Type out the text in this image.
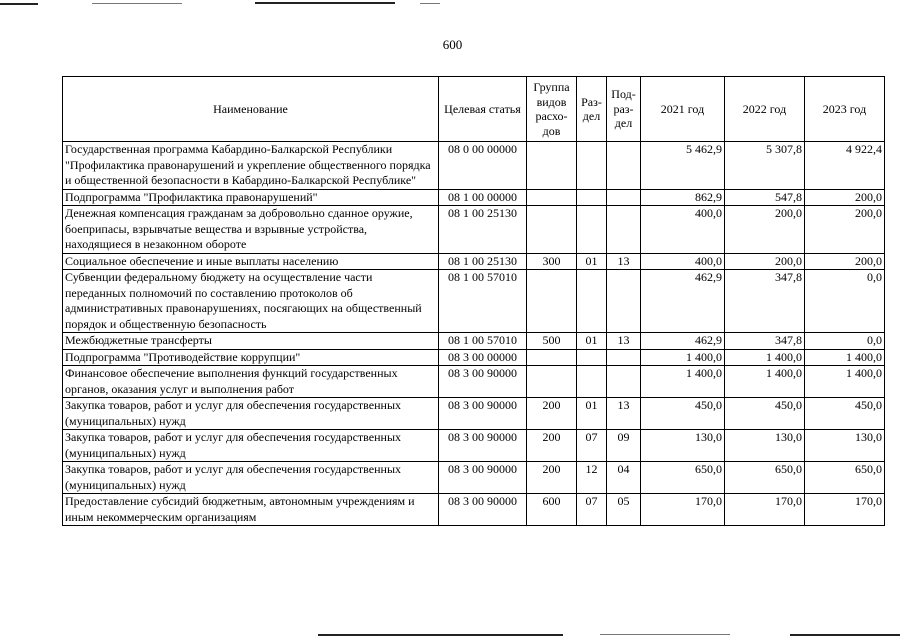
600
Наименование	Целевая статья	Группа видов расхо-дов	Раз-дел	Под-раз-дел	2021 год	2022 год	2023 год
Государственная программа Кабардино-Балкарской Республики "Профилактика правонарушений и укрепление общественного порядка и общественной безопасности в Кабардино-Балкарской Республике"	08 0 00 00000				5 462,9	5 307,8	4 922,4
Подпрограмма "Профилактика правонарушений"	08 1 00 00000				862,9	547,8	200,0
Денежная компенсация гражданам за добровольно сданное оружие, боеприпасы, взрывчатые вещества и взрывные устройства, находящиеся в незаконном обороте	08 1 00 25130				400,0	200,0	200,0
Социальное обеспечение и иные выплаты населению	08 1 00 25130	300	01	13	400,0	200,0	200,0
Субвенции федеральному бюджету на осуществление части переданных полномочий по составлению протоколов об административных правонарушениях, посягающих на общественный порядок и общественную безопасность	08 1 00 57010				462,9	347,8	0,0
Межбюджетные трансферты	08 1 00 57010	500	01	13	462,9	347,8	0,0
Подпрограмма "Противодействие коррупции"	08 3 00 00000				1 400,0	1 400,0	1 400,0
Финансовое обеспечение выполнения функций государственных органов, оказания услуг и выполнения работ	08 3 00 90000				1 400,0	1 400,0	1 400,0
Закупка товаров, работ и услуг для обеспечения государственных (муниципальных) нужд	08 3 00 90000	200	01	13	450,0	450,0	450,0
Закупка товаров, работ и услуг для обеспечения государственных (муниципальных) нужд	08 3 00 90000	200	07	09	130,0	130,0	130,0
Закупка товаров, работ и услуг для обеспечения государственных (муниципальных) нужд	08 3 00 90000	200	12	04	650,0	650,0	650,0
Предоставление субсидий бюджетным, автономным учреждениям и иным некоммерческим организациям	08 3 00 90000	600	07	05	170,0	170,0	170,0
